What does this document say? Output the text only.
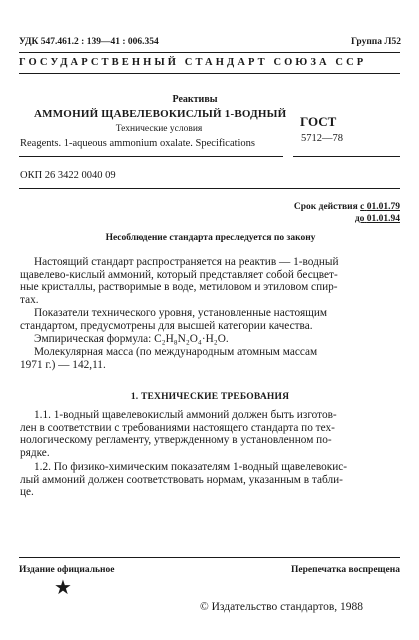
УДК 547.461.2 : 139—41 : 006.354	Группа Л52
ГОСУДАРСТВЕННЫЙ СТАНДАРТ СОЮЗА ССР
Реактивы
АММОНИЙ ЩАВЕЛЕВОКИСЛЫЙ 1-ВОДНЫЙ
Технические условия
Reagents. 1-aqueous ammonium oxalate. Specifications
ГОСТ
5712—78
ОКП 26 3422 0040 09
Срок действия с 01.01.79
до 01.01.94
Несоблюдение стандарта преследуется по закону
Настоящий стандарт распространяется на реактив — 1-водный
щавелево-кислый аммоний, который представляет собой бесцвет-
ные кристаллы, растворимые в воде, метиловом и этиловом спир-
тах.
Показатели технического уровня, установленные настоящим
стандартом, предусмотрены для высшей категории качества.
Эмпирическая формула: C₂H₈N₂O₄·H₂O.
Молекулярная масса (по международным атомным массам
1971 г.) — 142,11.
1. ТЕХНИЧЕСКИЕ ТРЕБОВАНИЯ
1.1. 1-водный щавелевокислый аммоний должен быть изготов-
лен в соответствии с требованиями настоящего стандарта по тех-
нологическому регламенту, утвержденному в установленном по-
рядке.
1.2. По физико-химическим показателям 1-водный щавелевокис-
лый аммоний должен соответствовать нормам, указанным в табли-
це.
Издание официальное	Перепечатка воспрещена
★
© Издательство стандартов, 1988
